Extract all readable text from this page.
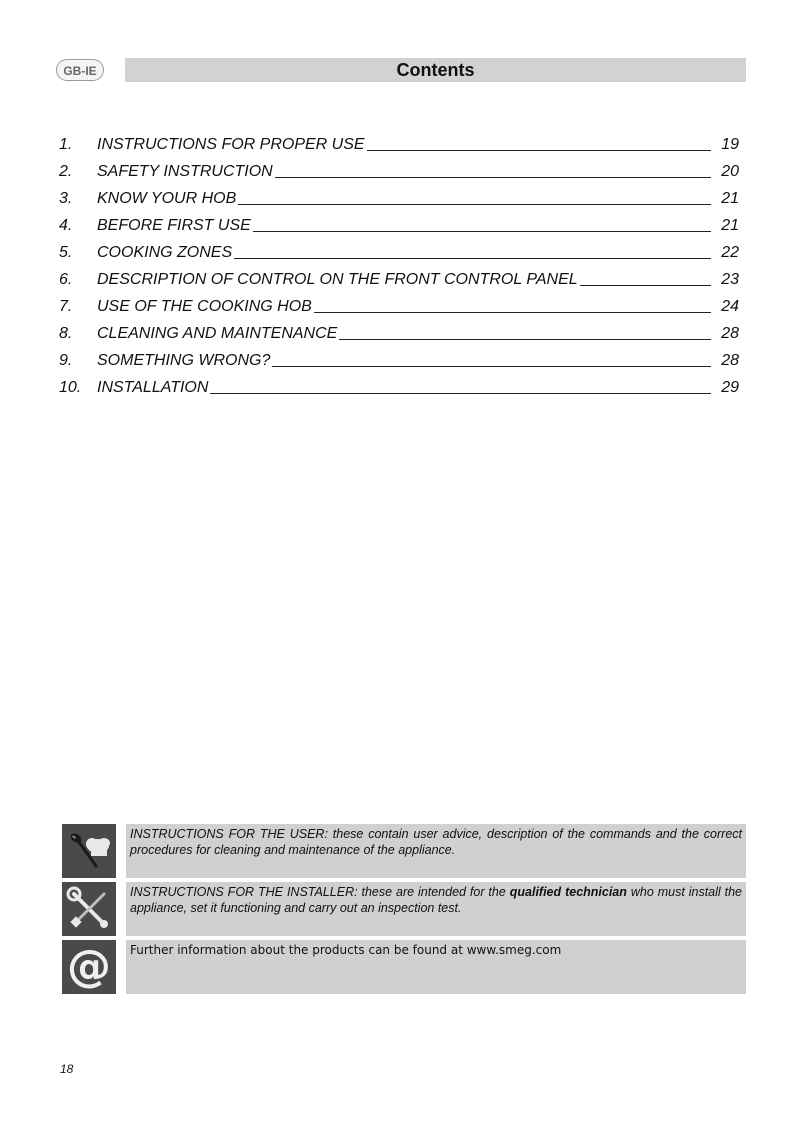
GB-IE	Contents
1.	INSTRUCTIONS FOR PROPER USE	19
2.	SAFETY INSTRUCTION	20
3.	KNOW YOUR HOB	21
4.	BEFORE FIRST USE	21
5.	COOKING ZONES	22
6.	DESCRIPTION OF CONTROL ON THE FRONT CONTROL PANEL	23
7.	USE OF THE COOKING HOB	24
8.	CLEANING AND MAINTENANCE	28
9.	SOMETHING WRONG?	28
10. INSTALLATION	29
INSTRUCTIONS FOR THE USER: these contain user advice, description of the commands and the correct procedures for cleaning and maintenance of the appliance.
INSTRUCTIONS FOR THE INSTALLER: these are intended for the qualified technician who must install the appliance, set it functioning and carry out an inspection test.
@	Further information about the products can be found at www.smeg.com
18
